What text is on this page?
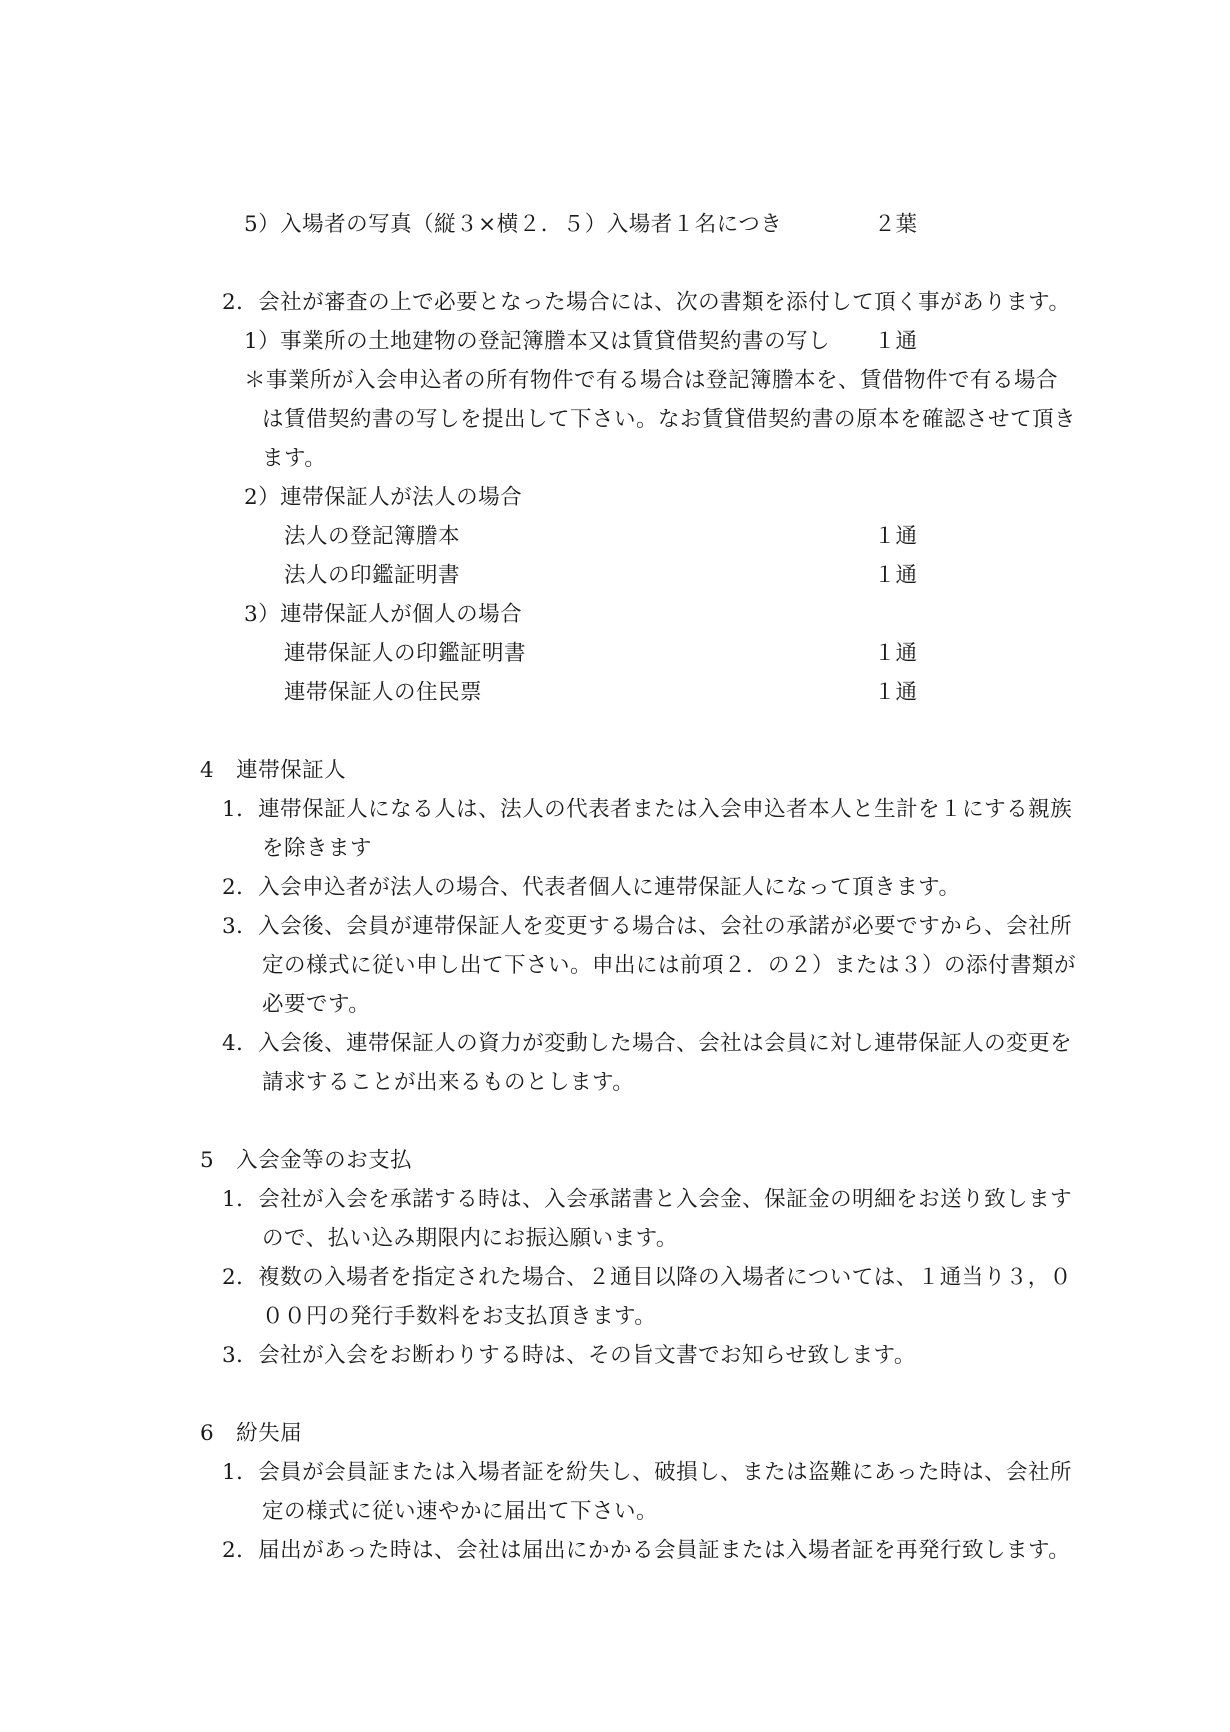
5）入場者の写真（縦３×横２．５）入場者１名につき	２葉
2．会社が審査の上で必要となった場合には、次の書類を添付して頂く事があります。
1）事業所の土地建物の登記簿謄本又は賃貸借契約書の写し １通
＊事業所が入会申込者の所有物件で有る場合は登記簿謄本を、賃借物件で有る場合
は賃借契約書の写しを提出して下さい。なお賃貸借契約書の原本を確認させて頂き
ます。
2）連帯保証人が法人の場合
法人の登記簿謄本	１通
法人の印鑑証明書	１通
3）連帯保証人が個人の場合
連帯保証人の印鑑証明書	１通
連帯保証人の住民票	１通
4　連帯保証人
1．連帯保証人になる人は、法人の代表者または入会申込者本人と生計を１にする親族
を除きます
2．入会申込者が法人の場合、代表者個人に連帯保証人になって頂きます。
3．入会後、会員が連帯保証人を変更する場合は、会社の承諾が必要ですから、会社所
定の様式に従い申し出て下さい。申出には前項２．の２）または３）の添付書類が
必要です。
4．入会後、連帯保証人の資力が変動した場合、会社は会員に対し連帯保証人の変更を
請求することが出来るものとします。
5　入会金等のお支払
1．会社が入会を承諾する時は、入会承諾書と入会金、保証金の明細をお送り致します
ので、払い込み期限内にお振込願います。
2．複数の入場者を指定された場合、２通目以降の入場者については、１通当り３，０
００円の発行手数料をお支払頂きます。
3．会社が入会をお断わりする時は、その旨文書でお知らせ致します。
6　紛失届
1．会員が会員証または入場者証を紛失し、破損し、または盗難にあった時は、会社所
定の様式に従い速やかに届出て下さい。
2．届出があった時は、会社は届出にかかる会員証または入場者証を再発行致します。
